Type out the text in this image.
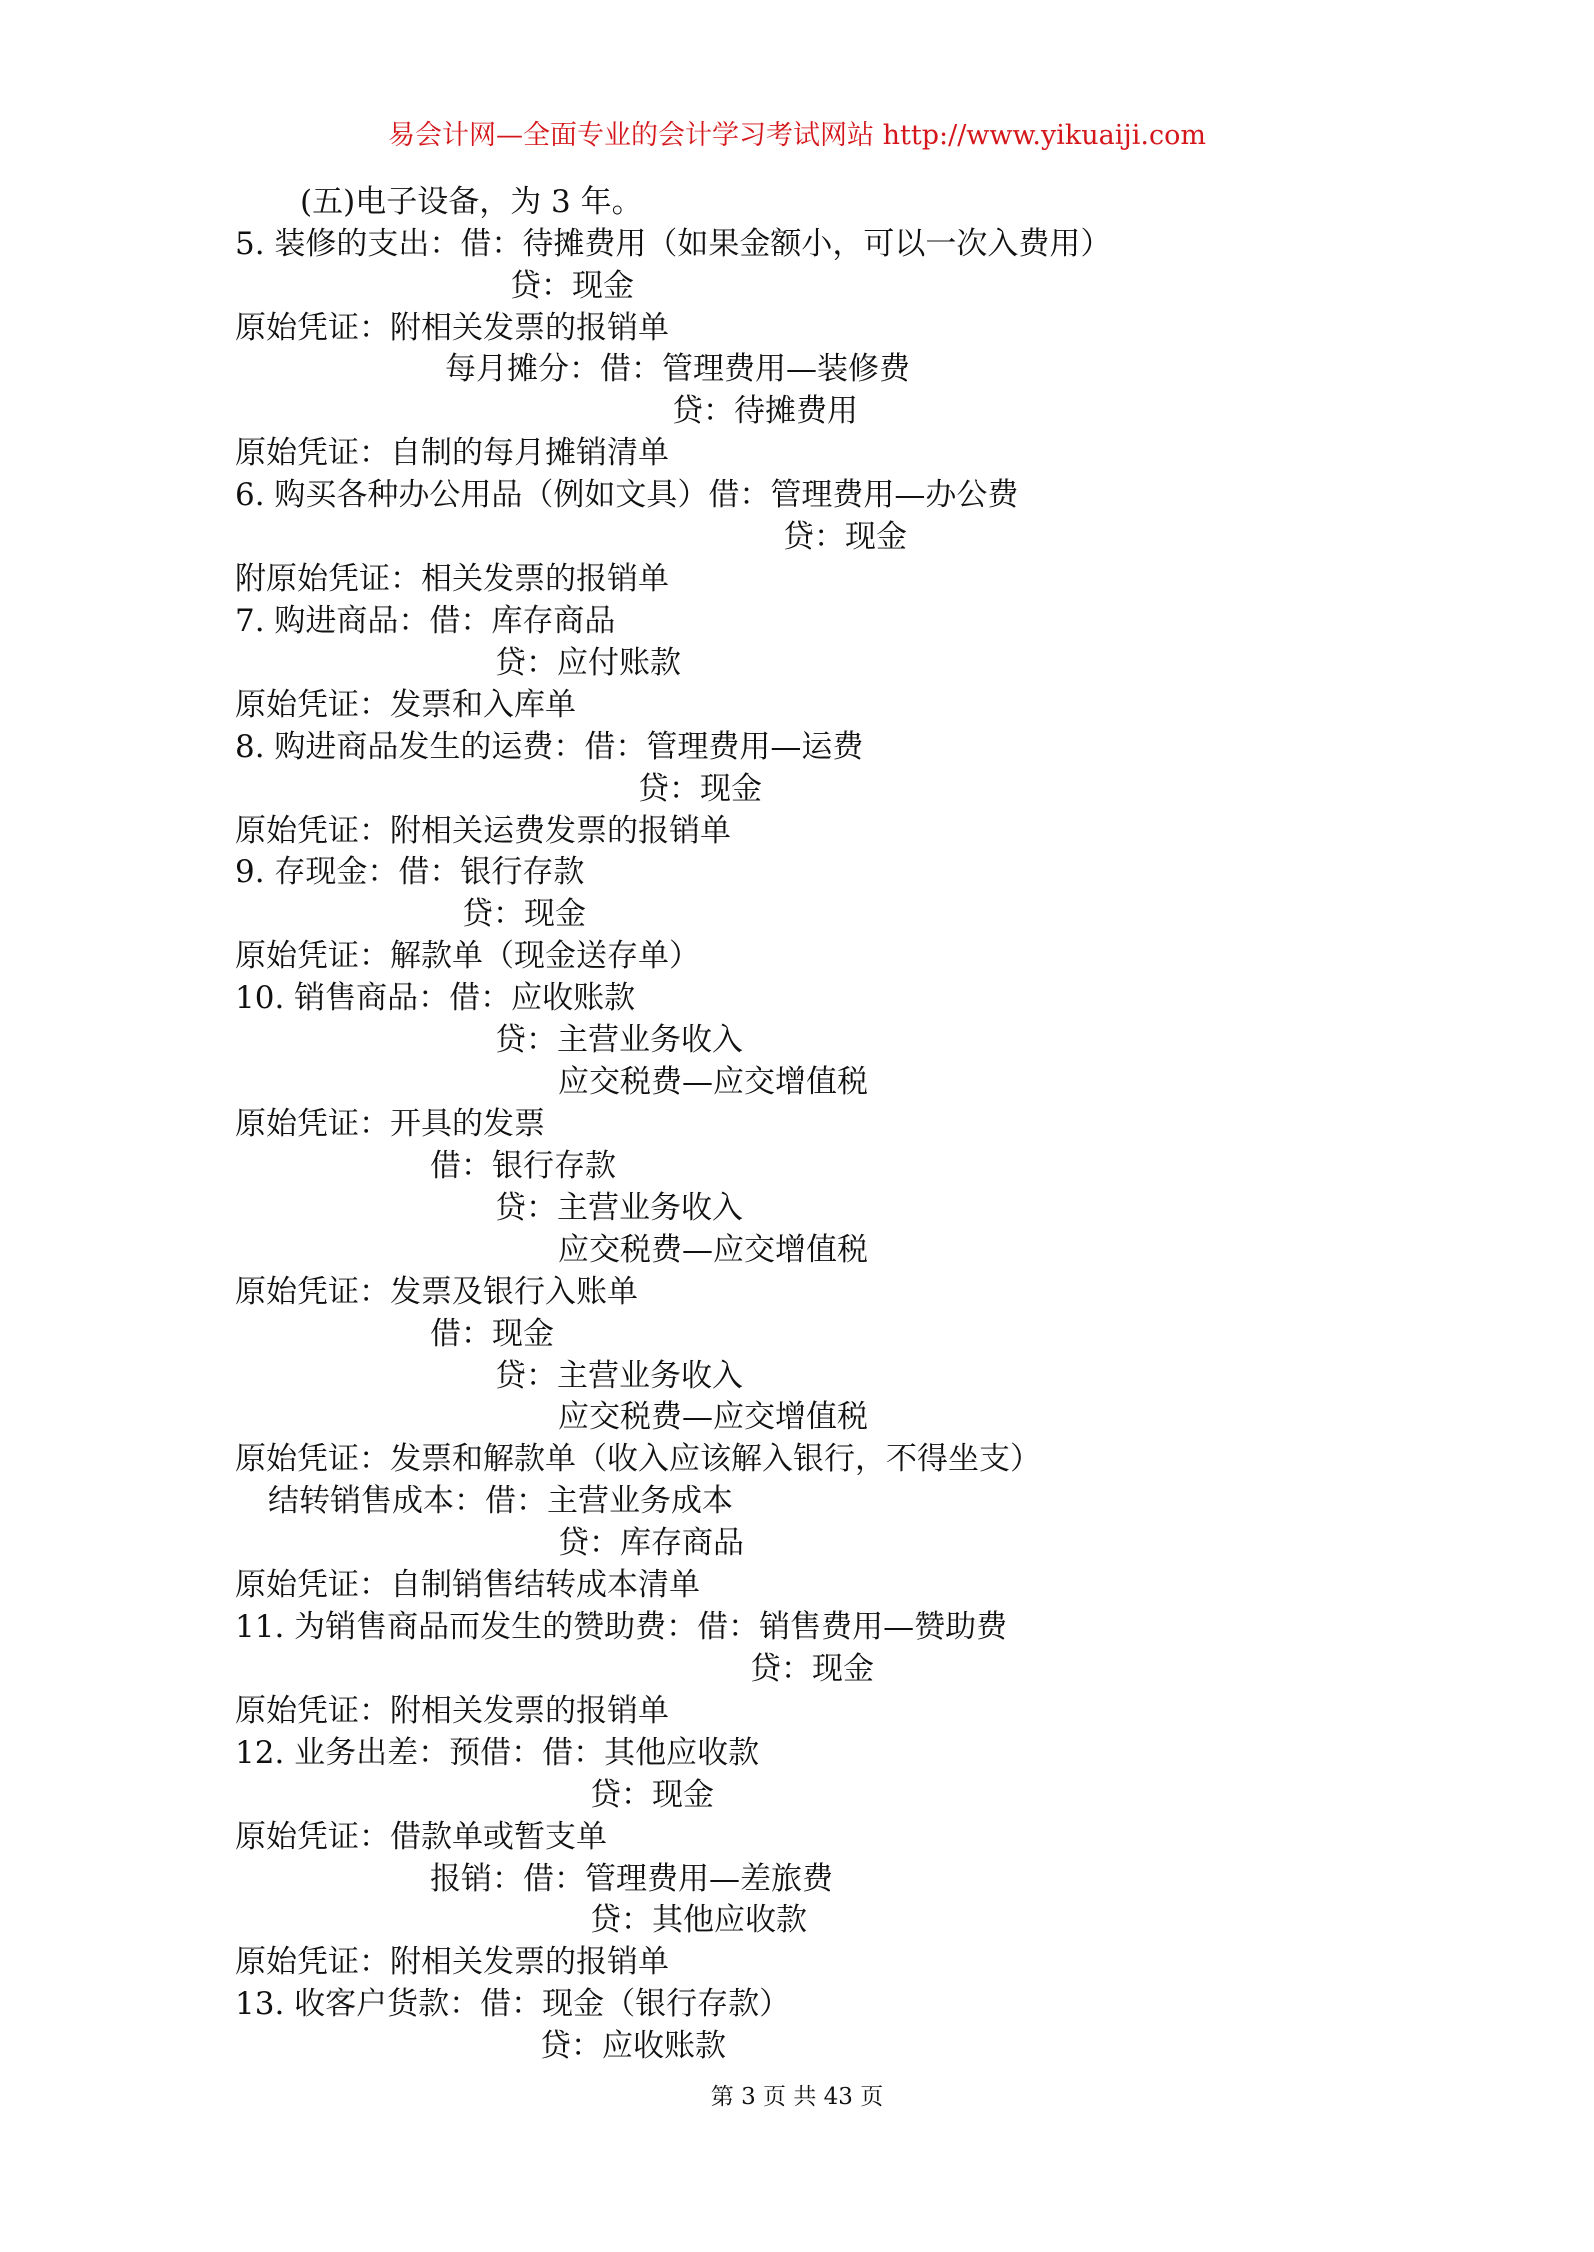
易会计网—全面专业的会计学习考试网站 http://www.yikuaiji.com
(五)电子设备，为 3 年。
5. 装修的支出：借：待摊费用（如果金额小，可以一次入费用）
贷：现金
原始凭证：附相关发票的报销单
每月摊分：借：管理费用—装修费
贷：待摊费用
原始凭证：自制的每月摊销清单
6. 购买各种办公用品（例如文具）借：管理费用—办公费
贷：现金
附原始凭证：相关发票的报销单
7. 购进商品：借：库存商品
贷：应付账款
原始凭证：发票和入库单
8. 购进商品发生的运费：借：管理费用—运费
贷：现金
原始凭证：附相关运费发票的报销单
9. 存现金：借：银行存款
贷：现金
原始凭证：解款单（现金送存单）
10. 销售商品：借：应收账款
贷：主营业务收入
应交税费—应交增值税
原始凭证：开具的发票
借：银行存款
贷：主营业务收入
应交税费—应交增值税
原始凭证：发票及银行入账单
借：现金
贷：主营业务收入
应交税费—应交增值税
原始凭证：发票和解款单（收入应该解入银行，不得坐支）
结转销售成本：借：主营业务成本
贷：库存商品
原始凭证：自制销售结转成本清单
11. 为销售商品而发生的赞助费：借：销售费用—赞助费
贷：现金
原始凭证：附相关发票的报销单
12. 业务出差：预借：借：其他应收款
贷：现金
原始凭证：借款单或暂支单
报销：借：管理费用—差旅费
贷：其他应收款
原始凭证：附相关发票的报销单
13. 收客户货款：借：现金（银行存款）
贷：应收账款
第 3 页 共 43 页
